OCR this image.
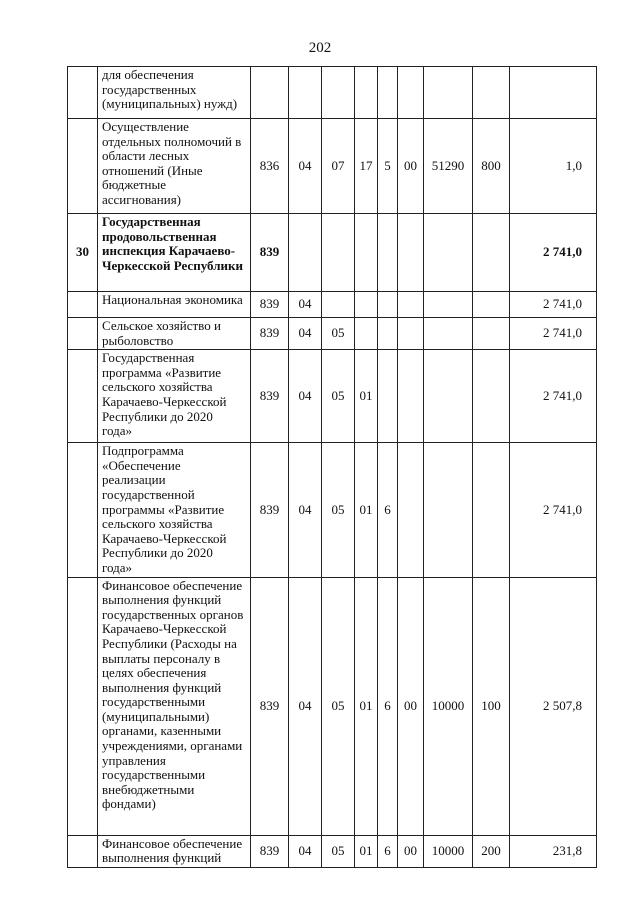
202
	для обеспечения государственных (муниципальных) нужд)									
	Осуществление отдельных полномочий в области лесных отношений (Иные бюджетные ассигнования)	836	04	07	17	5	00	51290	800	1,0
30	Государственная продовольственная инспекция Карачаево-Черкесской Республики	839								2 741,0
	Национальная экономика	839	04							2 741,0
	Сельское хозяйство и рыболовство	839	04	05						2 741,0
	Государственная программа «Развитие сельского хозяйства Карачаево-Черкесской Республики до 2020 года»	839	04	05	01					2 741,0
	Подпрограмма «Обеспечение реализации государственной программы «Развитие сельского хозяйства Карачаево-Черкесской Республики до 2020 года»	839	04	05	01	6				2 741,0
	Финансовое обеспечение выполнения функций государственных органов Карачаево-Черкесской Республики (Расходы на выплаты персоналу в целях обеспечения выполнения функций государственными (муниципальными) органами, казенными учреждениями, органами управления государственными внебюджетными фондами)	839	04	05	01	6	00	10000	100	2 507,8
	Финансовое обеспечение выполнения функций	839	04	05	01	6	00	10000	200	231,8
